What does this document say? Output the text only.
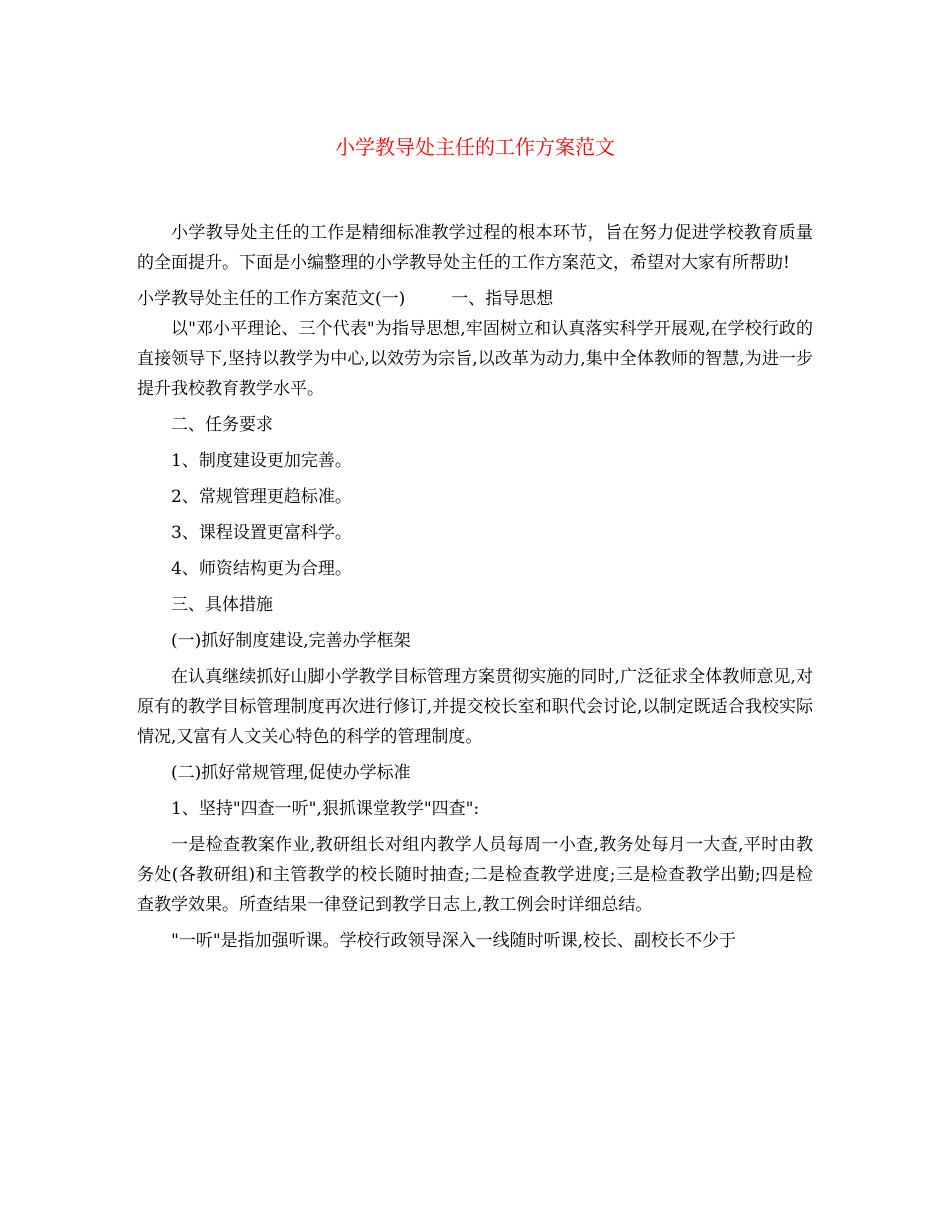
小学教导处主任的工作方案范文

小学教导处主任的工作是精细标准教学过程的根本环节，旨在努力促进学校教育质量的全面提升。下面是小编整理的小学教导处主任的工作方案范文，希望对大家有所帮助!

小学教导处主任的工作方案范文(一)	一、指导思想

以"邓小平理论、三个代表"为指导思想,牢固树立和认真落实科学开展观,在学校行政的直接领导下,坚持以教学为中心,以效劳为宗旨,以改革为动力,集中全体教师的智慧,为进一步提升我校教育教学水平。

二、任务要求

1、制度建设更加完善。

2、常规管理更趋标准。

3、课程设置更富科学。

4、师资结构更为合理。

三、具体措施

(一)抓好制度建设,完善办学框架

在认真继续抓好山脚小学教学目标管理方案贯彻实施的同时,广泛征求全体教师意见,对原有的教学目标管理制度再次进行修订,并提交校长室和职代会讨论,以制定既适合我校实际情况,又富有人文关心特色的科学的管理制度。

(二)抓好常规管理,促使办学标准

1、坚持"四查一听",狠抓课堂教学"四查":

一是检查教案作业,教研组长对组内教学人员每周一小查,教务处每月一大查,平时由教务处(各教研组)和主管教学的校长随时抽查;二是检查教学进度;三是检查教学出勤;四是检查教学效果。所查结果一律登记到教学日志上,教工例会时详细总结。

"一听"是指加强听课。学校行政领导深入一线随时听课,校长、副校长不少于
